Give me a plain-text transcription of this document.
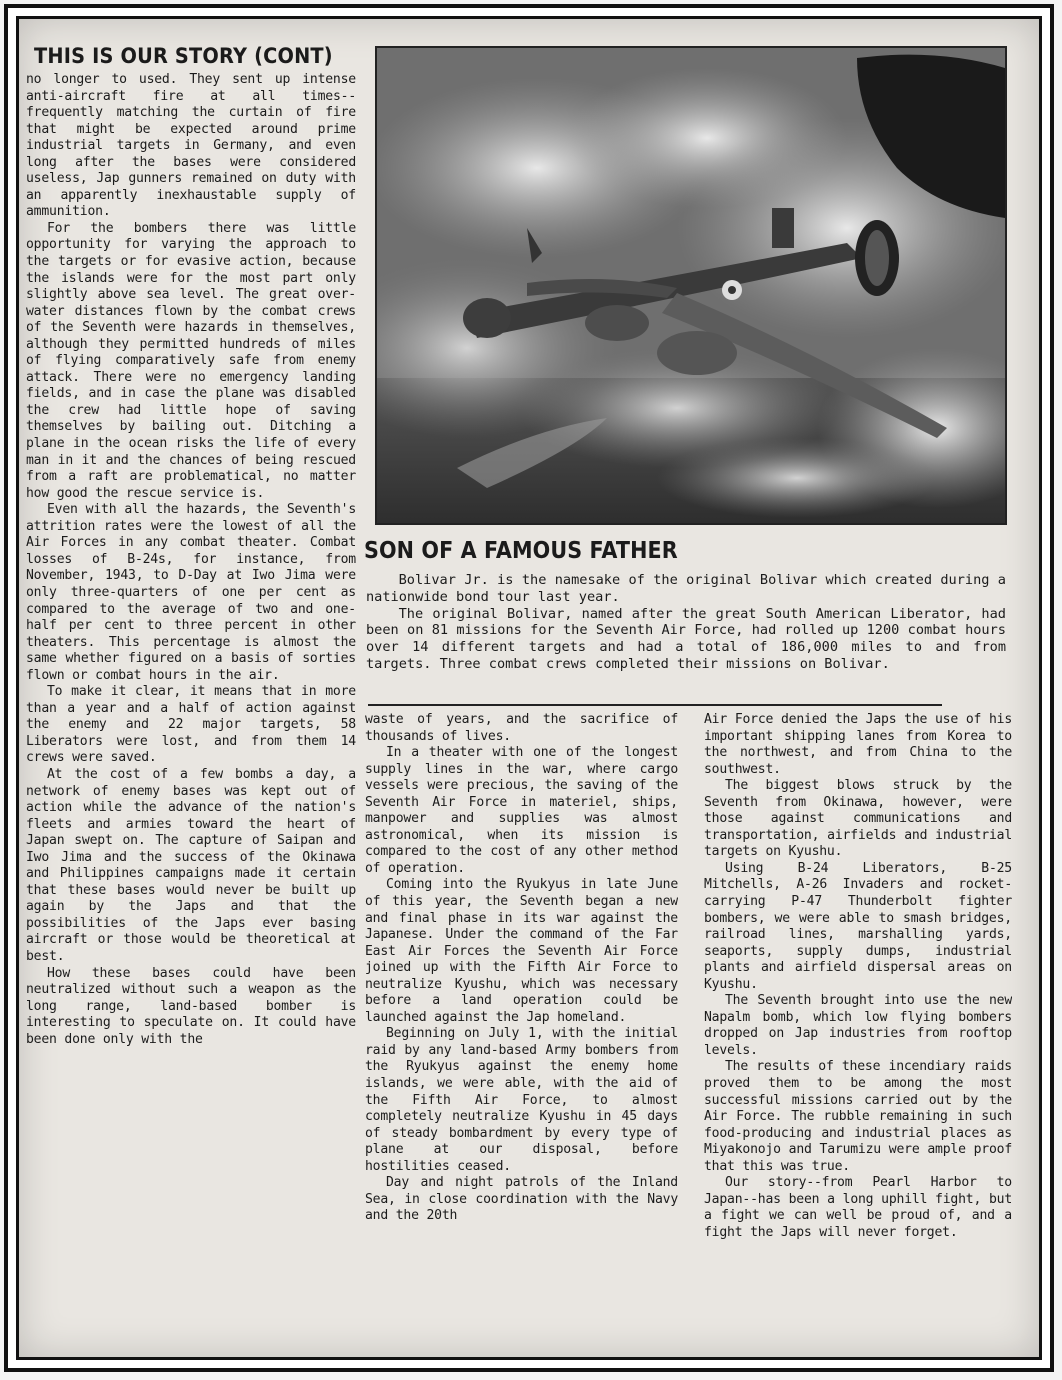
THIS IS OUR STORY (CONT)

no longer to used. They sent up intense anti-aircraft fire at all times--frequently matching the curtain of fire that might be expected around prime industrial targets in Germany, and even long after the bases were considered useless, Jap gunners remained on duty with an apparently inexhaustable supply of ammunition.

For the bombers there was little opportunity for varying the approach to the targets or for evasive action, because the islands were for the most part only slightly above sea level. The great over-water distances flown by the combat crews of the Seventh were hazards in themselves, although they permitted hundreds of miles of flying comparatively safe from enemy attack. There were no emergency landing fields, and in case the plane was disabled the crew had little hope of saving themselves by bailing out. Ditching a plane in the ocean risks the life of every man in it and the chances of being rescued from a raft are problematical, no matter how good the rescue service is.

Even with all the hazards, the Seventh's attrition rates were the lowest of all the Air Forces in any combat theater. Combat losses of B-24s, for instance, from November, 1943, to D-Day at Iwo Jima were only three-quarters of one per cent as compared to the average of two and one-half per cent to three percent in other theaters. This percentage is almost the same whether figured on a basis of sorties flown or combat hours in the air.

To make it clear, it means that in more than a year and a half of action against the enemy and 22 major targets, 58 Liberators were lost, and from them 14 crews were saved.

At the cost of a few bombs a day, a network of enemy bases was kept out of action while the advance of the nation's fleets and armies toward the heart of Japan swept on. The capture of Saipan and Iwo Jima and the success of the Okinawa and Philippines campaigns made it certain that these bases would never be built up again by the Japs and that the possibilities of the Japs ever basing aircraft or those would be theoretical at best.

How these bases could have been neutralized without such a weapon as the long range, land-based bomber is interesting to speculate on. It could have been done only with the

SON OF A FAMOUS FATHER

Bolivar Jr. is the namesake of the original Bolivar which created during a nationwide bond tour last year.

The original Bolivar, named after the great South American Liberator, had been on 81 missions for the Seventh Air Force, had rolled up 1200 combat hours over 14 different targets and had a total of 186,000 miles to and from targets. Three combat crews completed their missions on Bolivar.

waste of years, and the sacrifice of thousands of lives.

In a theater with one of the longest supply lines in the war, where cargo vessels were precious, the saving of the Seventh Air Force in materiel, ships, manpower and supplies was almost astronomical, when its mission is compared to the cost of any other method of operation.

Coming into the Ryukyus in late June of this year, the Seventh began a new and final phase in its war against the Japanese. Under the command of the Far East Air Forces the Seventh Air Force joined up with the Fifth Air Force to neutralize Kyushu, which was necessary before a land operation could be launched against the Jap homeland.

Beginning on July 1, with the initial raid by any land-based Army bombers from the Ryukyus against the enemy home islands, we were able, with the aid of the Fifth Air Force, to almost completely neutralize Kyushu in 45 days of steady bombardment by every type of plane at our disposal, before hostilities ceased.

Day and night patrols of the Inland Sea, in close coordination with the Navy and the 20th

Air Force denied the Japs the use of his important shipping lanes from Korea to the northwest, and from China to the southwest.

The biggest blows struck by the Seventh from Okinawa, however, were those against communications and transportation, airfields and industrial targets on Kyushu.

Using B-24 Liberators, B-25 Mitchells, A-26 Invaders and rocket-carrying P-47 Thunderbolt fighter bombers, we were able to smash bridges, railroad lines, marshalling yards, seaports, supply dumps, industrial plants and airfield dispersal areas on Kyushu.

The Seventh brought into use the new Napalm bomb, which low flying bombers dropped on Jap industries from rooftop levels.

The results of these incendiary raids proved them to be among the most successful missions carried out by the Air Force. The rubble remaining in such food-producing and industrial places as Miyakonojo and Tarumizu were ample proof that this was true.

Our story--from Pearl Harbor to Japan--has been a long uphill fight, but a fight we can well be proud of, and a fight the Japs will never forget.
